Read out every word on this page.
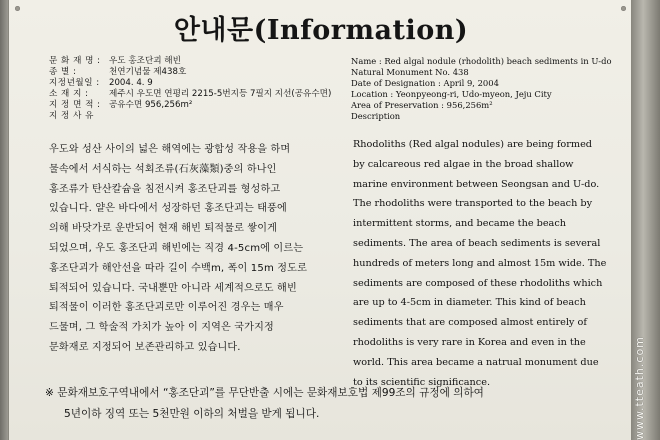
안내문(Information)
문 화 재 명 : 우도 홍조단괴 해빈
종 별 :	천연기념물 제438호
지정년월일 :	2004. 4. 9
소 재 지 :	제주시 우도면 연평리 2215-5번지등 7필지 지선(공유수면)
지 정 면 적 : 공유수면 956,256m²
지 정 사 유
Name : Red algal nodule (rhodolith) beach sediments in U-do
Natural Monument No. 438
Date of Designation : April 9, 2004
Location : Yeonpyeong-ri, Udo-myeon, Jeju City
Area of Preservation : 956,256m²
Description
우도와 성산 사이의 넓은 해역에는 광합성 작용을 하며
물속에서 서식하는 석회조류(石灰藻類)중의 하나인
홍조류가 탄산칼슘을 침전시켜 홍조단괴를 형성하고
있습니다. 얕은 바다에서 성장하던 홍조단괴는 태풍에
의해 바닷가로 운반되어 현재 해빈 퇴적물로 쌓이게
되었으며, 우도 홍조단괴 해빈에는 직경 4-5cm에 이르는
홍조단괴가 해안선을 따라 길이 수백m, 폭이 15m 정도로
퇴적되어 있습니다. 국내뿐만 아니라 세계적으로도 해빈
퇴적물이 이러한 홍조단괴로만 이루어진 경우는 매우
드물며, 그 학술적 가치가 높아 이 지역은 국가지정
문화재로 지정되어 보존관리하고 있습니다.
Rhodoliths (Red algal nodules) are being formed
by calcareous red algae in the broad shallow
marine environment between Seongsan and U-do.
The rhodoliths were transported to the beach by
intermittent storms, and became the beach
sediments. The area of beach sediments is several
hundreds of meters long and almost 15m wide. The
sediments are composed of these rhodoliths which
are up to 4-5cm in diameter. This kind of beach
sediments that are composed almost entirely of
rhodoliths is very rare in Korea and even in the
world. This area became a natrual monument due
to its scientific significance.
※ 문화재보호구역내에서 “홍조단괴”를 무단반출 시에는 문화재보호법 제99조의 규정에 의하여
5년이하 징역 또는 5천만원 이하의 처벌을 받게 됩니다.	www.tteath.com
